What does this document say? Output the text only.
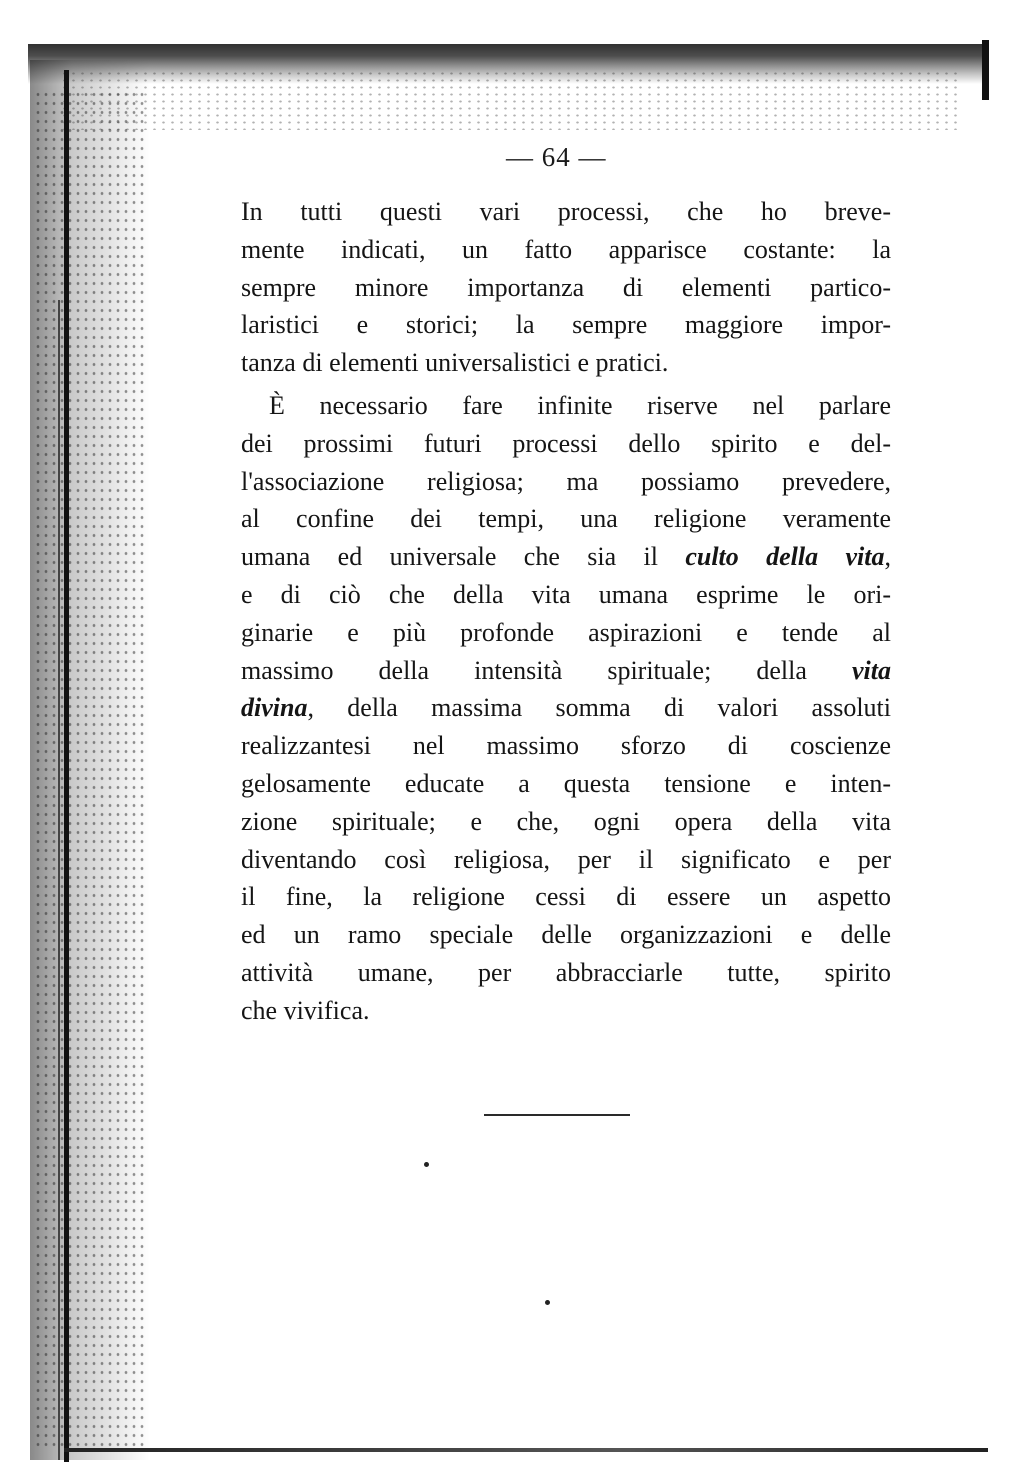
— 64 —
In tutti questi vari processi, che ho breve-
mente indicati, un fatto apparisce costante: la
sempre minore importanza di elementi partico-
laristici e storici; la sempre maggiore impor-
tanza di elementi universalistici e pratici.
È necessario fare infinite riserve nel parlare
dei prossimi futuri processi dello spirito e del-
l'associazione religiosa; ma possiamo prevedere,
al confine dei tempi, una religione veramente
umana ed universale che sia il culto della vita,
e di ciò che della vita umana esprime le ori-
ginarie e più profonde aspirazioni e tende al
massimo della intensità spirituale; della vita
divina, della massima somma di valori assoluti
realizzantesi nel massimo sforzo di coscienze
gelosamente educate a questa tensione e inten-
zione spirituale; e che, ogni opera della vita
diventando così religiosa, per il significato e per
il fine, la religione cessi di essere un aspetto
ed un ramo speciale delle organizzazioni e delle
attività umane, per abbracciarle tutte, spirito
che vivifica.
